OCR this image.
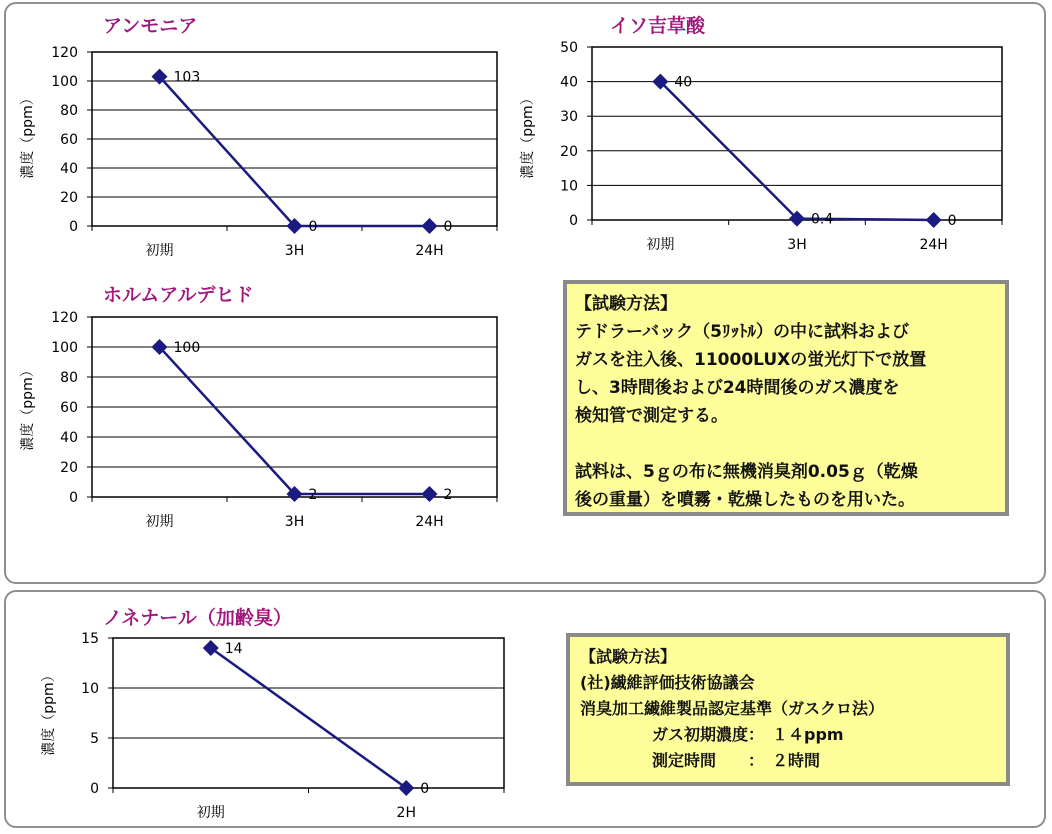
アンモニア	イソ吉草酸
ホルムアルデヒド
ノネナール（加齢臭）
0
20
40
60
80
100
120
初期	3H	24H
濃度（ppm）
103
0	0	0
10
20
30
40
50
初期	3H	24H
濃度（ppm）
40
0.4	0
0
20
40
60
80
100
120
初期	3H	24H
濃度（ppm）
100
2	2
0
5
10
15
初期	2H
濃度（ppm）
14
0
【試験方法】
テドラーバック（5ﾘｯﾄﾙ）の中に試料および
ガスを注入後、11000LUXの蛍光灯下で放置
し、3時間後および24時間後のガス濃度を
検知管で測定する。
試料は、5ｇの布に無機消臭剤0.05ｇ（乾燥
後の重量）を噴霧・乾燥したものを用いた。
【試験方法】
(社)繊維評価技術協議会
消臭加工繊維製品認定基準（ガスクロ法）
ガス初期濃度：　１４ppm
測定時間　　：　２時間
